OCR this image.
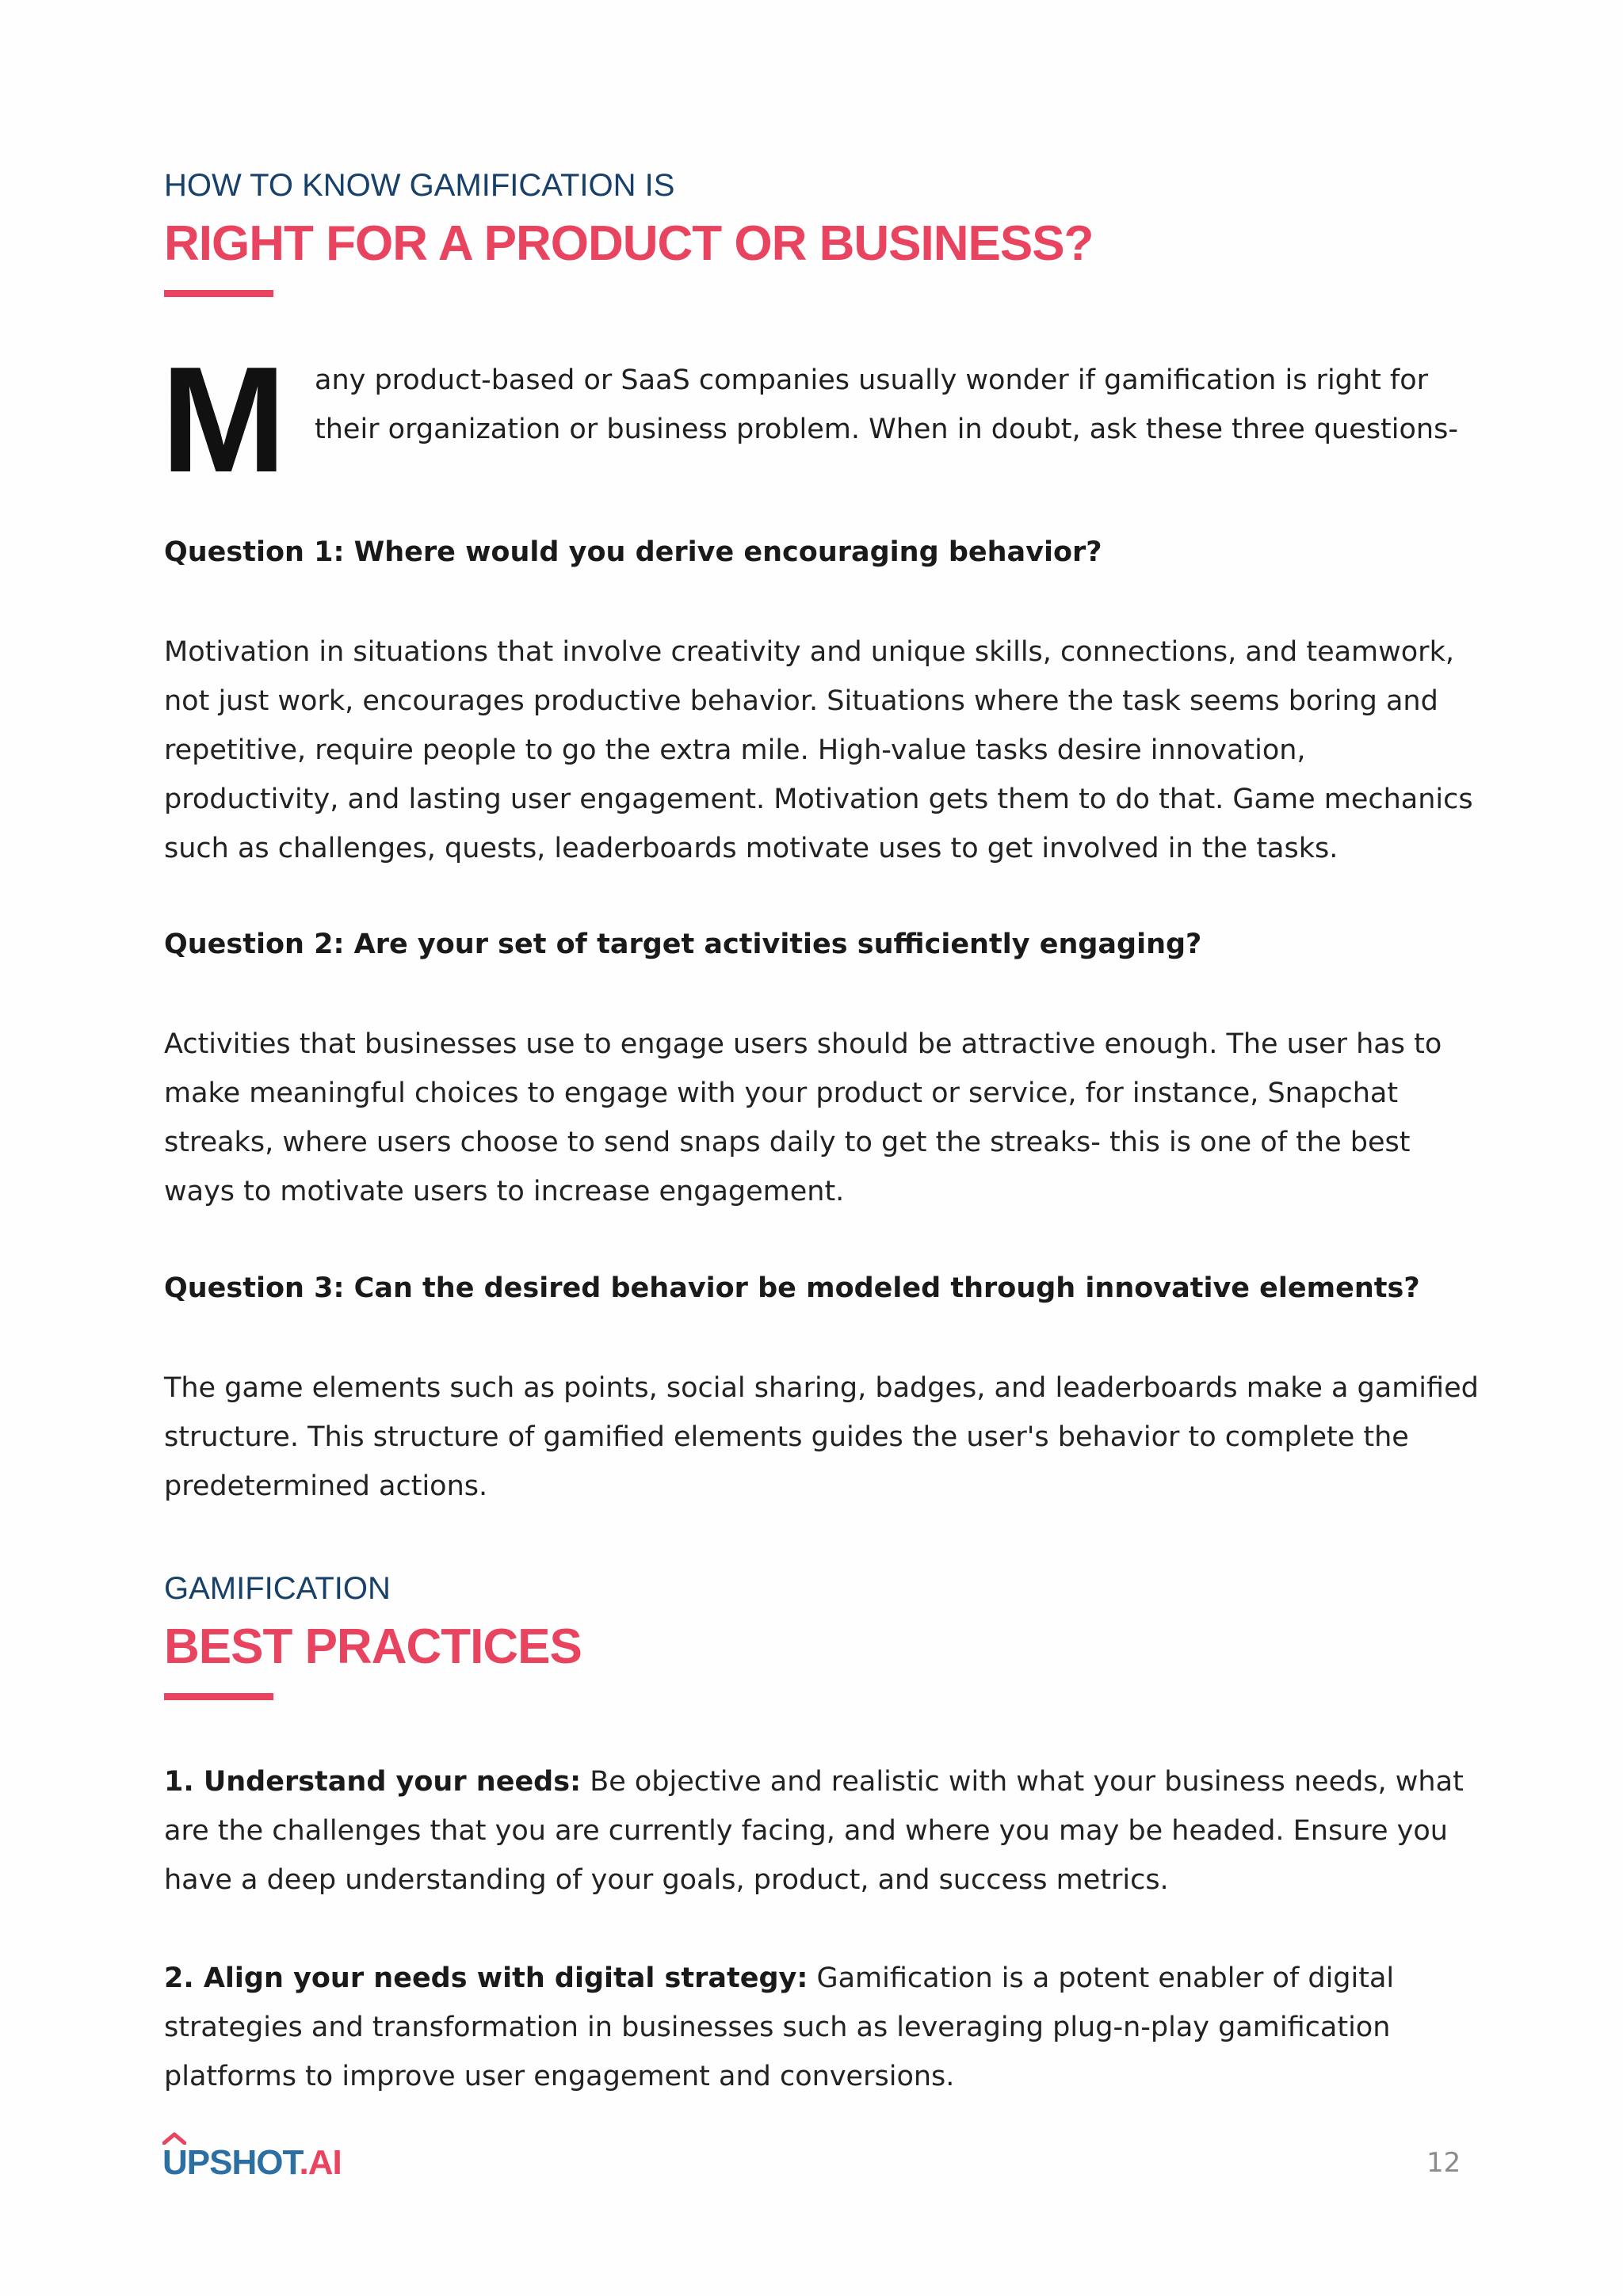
HOW TO KNOW GAMIFICATION IS
RIGHT FOR A PRODUCT OR BUSINESS?
M any product-based or SaaS companies usually wonder if gamification is right for their organization or business problem. When in doubt, ask these three questions-
Question 1: Where would you derive encouraging behavior?
Motivation in situations that involve creativity and unique skills, connections, and teamwork, not just work, encourages productive behavior. Situations where the task seems boring and repetitive, require people to go the extra mile. High-value tasks desire innovation, productivity, and lasting user engagement. Motivation gets them to do that. Game mechanics such as challenges, quests, leaderboards motivate uses to get involved in the tasks.
Question 2: Are your set of target activities sufficiently engaging?
Activities that businesses use to engage users should be attractive enough. The user has to make meaningful choices to engage with your product or service, for instance, Snapchat streaks, where users choose to send snaps daily to get the streaks- this is one of the best ways to motivate users to increase engagement.
Question 3: Can the desired behavior be modeled through innovative elements?
The game elements such as points, social sharing, badges, and leaderboards make a gamified structure. This structure of gamified elements guides the user's behavior to complete the predetermined actions.
GAMIFICATION
BEST PRACTICES
1. Understand your needs: Be objective and realistic with what your business needs, what are the challenges that you are currently facing, and where you may be headed. Ensure you have a deep understanding of your goals, product, and success metrics.
2. Align your needs with digital strategy: Gamification is a potent enabler of digital strategies and transformation in businesses such as leveraging plug-n-play gamification platforms to improve user engagement and conversions.
UPSHOT.AI	12
